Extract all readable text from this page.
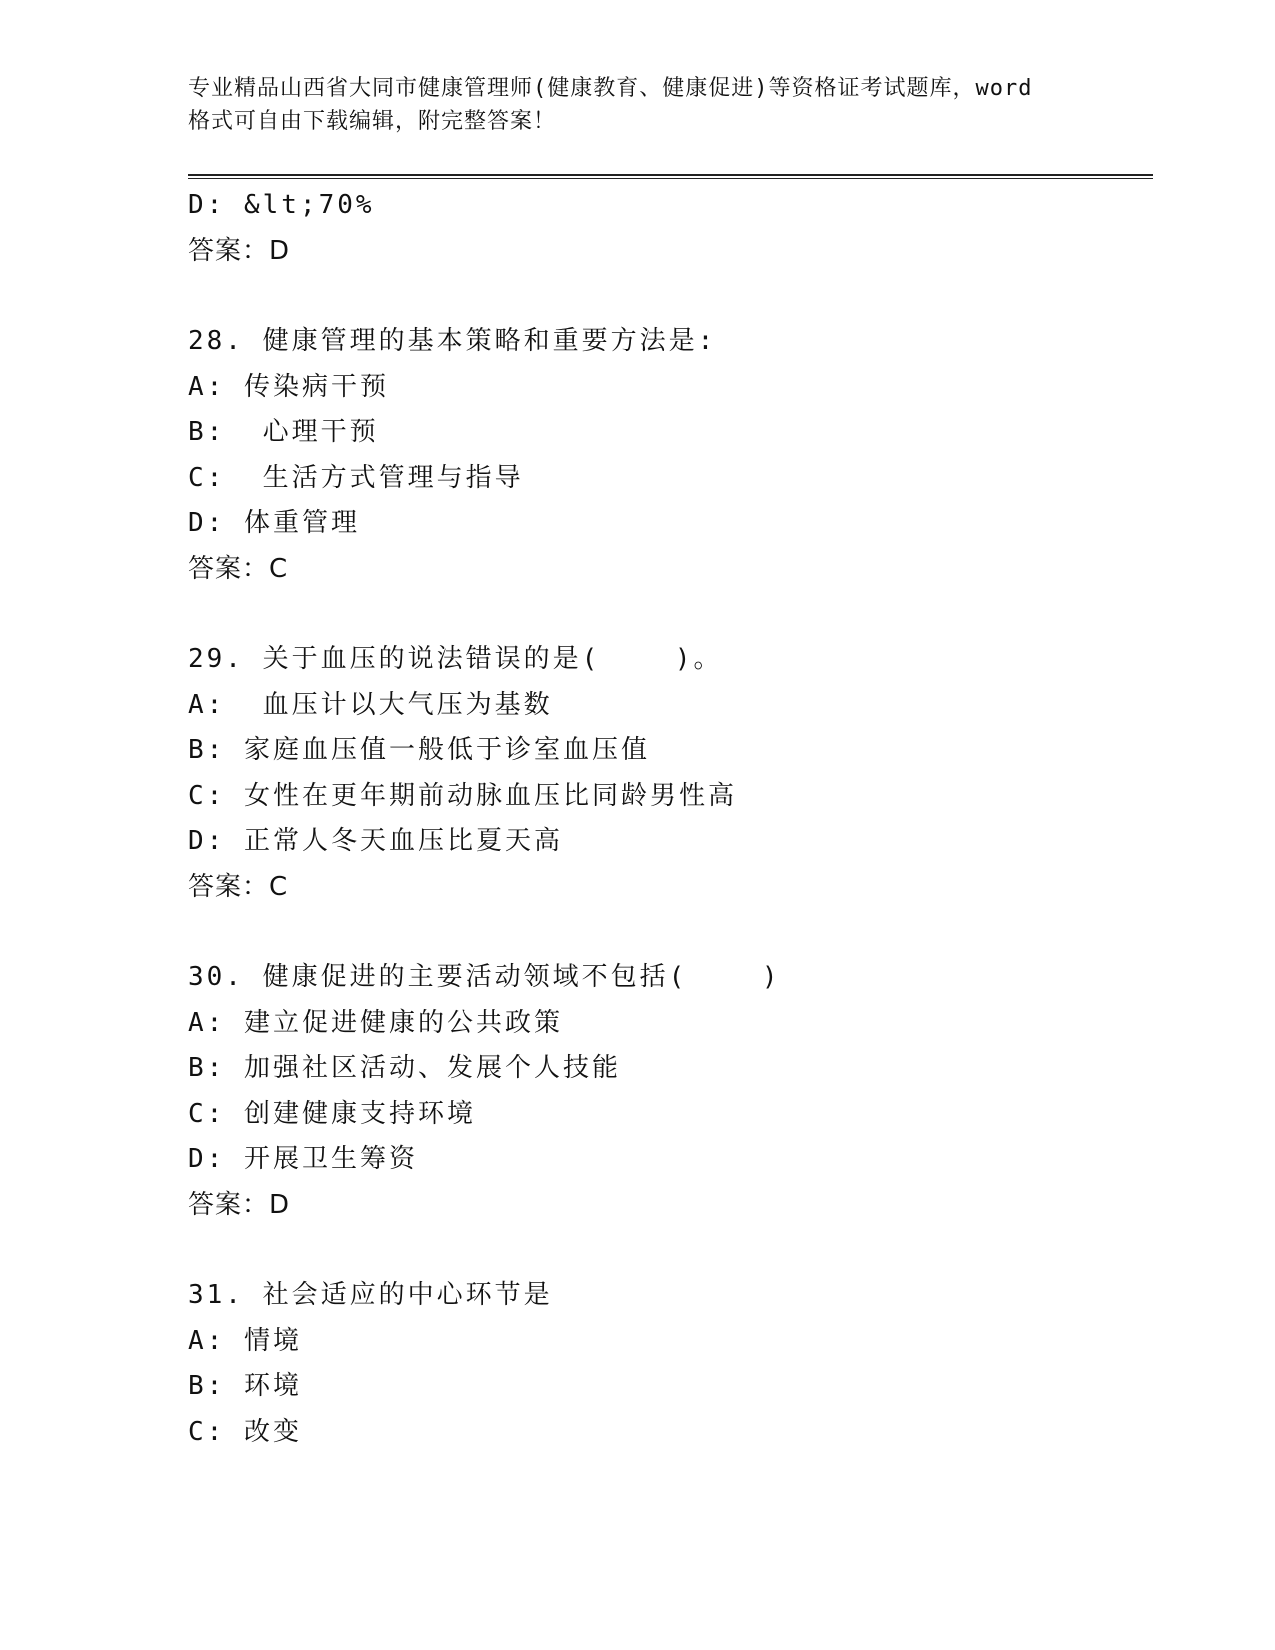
专业精品山西省大同市健康管理师(健康教育、健康促进)等资格证考试题库，word
格式可自由下载编辑，附完整答案！
D: &lt;70%
答案：D
28. 健康管理的基本策略和重要方法是:
A: 传染病干预
B:  心理干预
C:  生活方式管理与指导
D: 体重管理
答案：C
29. 关于血压的说法错误的是(    )。
A:  血压计以大气压为基数
B: 家庭血压值一般低于诊室血压值
C: 女性在更年期前动脉血压比同龄男性高
D: 正常人冬天血压比夏天高
答案：C
30. 健康促进的主要活动领域不包括(    )
A: 建立促进健康的公共政策
B: 加强社区活动、发展个人技能
C: 创建健康支持环境
D: 开展卫生筹资
答案：D
31. 社会适应的中心环节是
A: 情境
B: 环境
C: 改变
